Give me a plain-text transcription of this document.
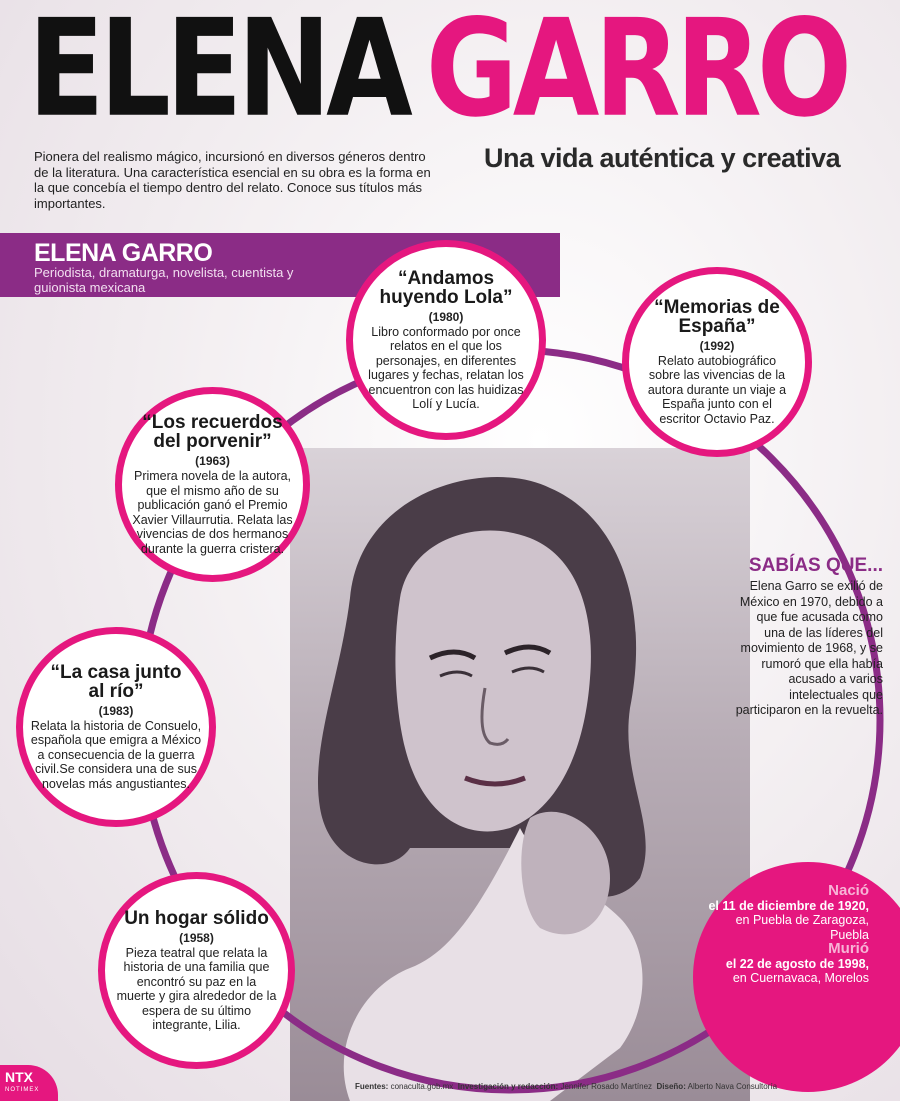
ELENA GARRO
Pionera del realismo mágico, incursionó en diversos géneros dentro de la literatura. Una característica esencial en su obra es la forma en la que concebía el tiempo dentro del relato. Conoce sus títulos más importantes.
Una vida auténtica y creativa
ELENA GARRO
Periodista, dramaturga, novelista, cuentista y guionista mexicana	“Andamos huyendo Lola”
(1980)
Libro conformado por once relatos en el que los personajes, en diferentes lugares y fechas, relatan los encuentron con las huidizas Lolí y Lucía.
“Memorias de España”
(1992)
Relato autobiográfico sobre las vivencias de la autora durante un viaje a España junto con el escritor Octavio Paz.
“Los recuerdos del porvenir”
(1963)
Primera novela de la autora, que el mismo año de su publicación ganó el Premio Xavier Villaurrutia. Relata las vivencias de dos hermanos durante la guerra cristera.
“La casa junto al río”
(1983)
Relata la historia de Consuelo, española que emigra a México a consecuencia de la guerra civil.Se considera una de sus novelas más angustiantes.
Un hogar sólido
(1958)
Pieza teatral que relata la historia de una familia que encontró su paz en la muerte y gira alrededor de la espera de su último integrante, Lilia.
SABÍAS QUE...
Elena Garro se exilió de México en 1970, debido a que fue acusada como una de las líderes del movimiento de 1968, y se rumoró que ella había acusado a varios intelectuales que participaron en la revuelta.
Nació
el 11 de diciembre de 1920,
en Puebla de Zaragoza, Puebla
Murió
el 22 de agosto de 1998,
en Cuernavaca, Morelos
NTX
NOTIMEX	Fuentes: conaculta.gob.mx Investigación y redacción: Jennifer Rosado Martínez Diseño: Alberto Nava Consultoría
